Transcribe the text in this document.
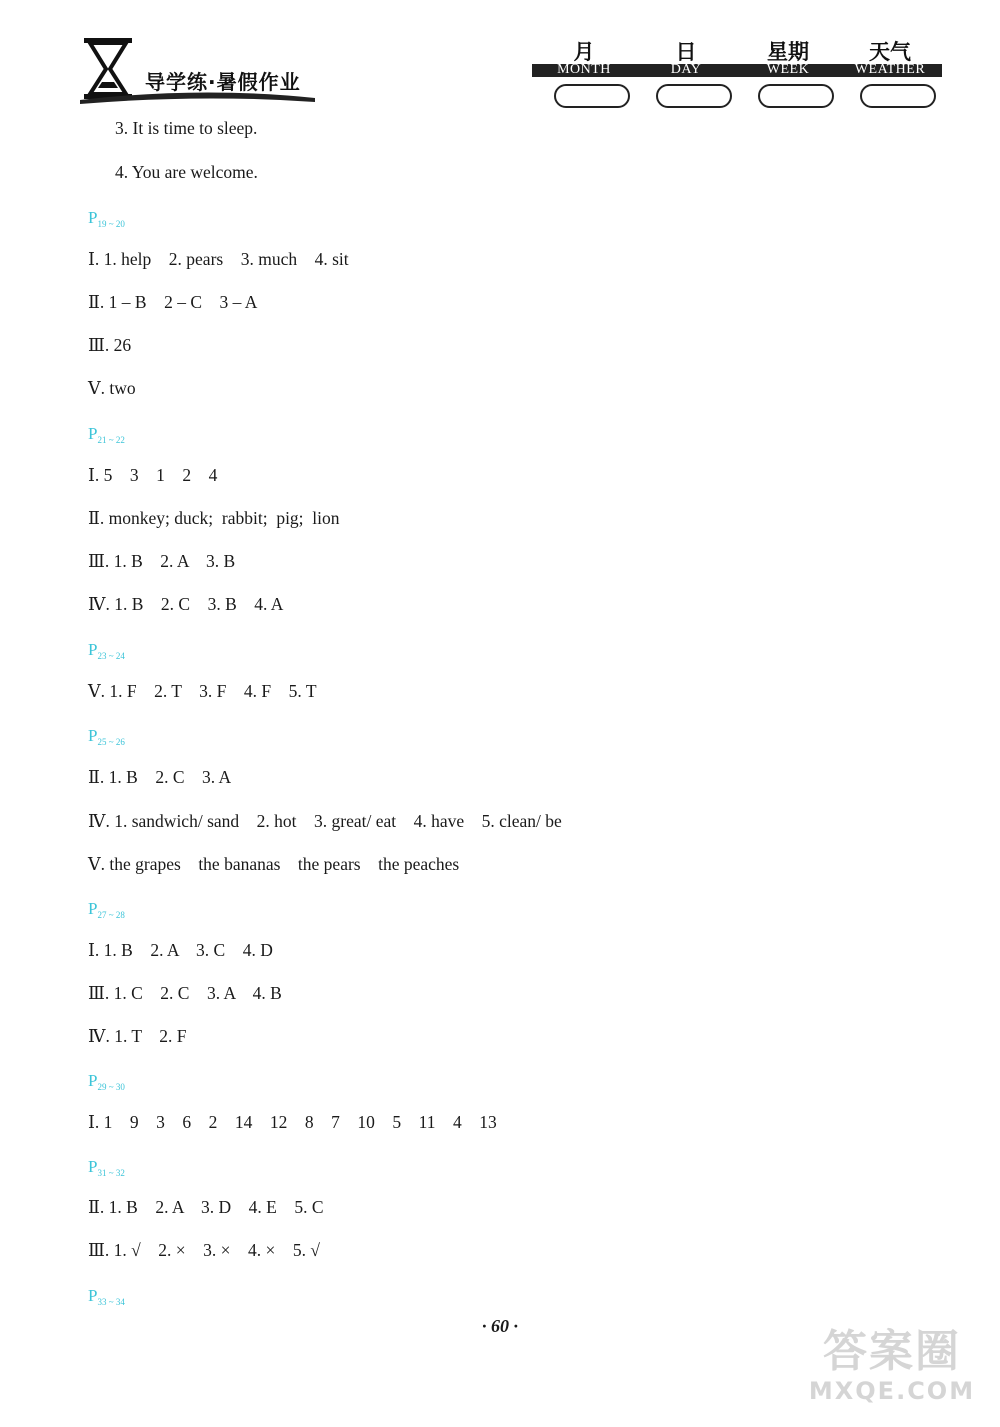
导学练·暑假作业
月
MONTH
日
DAY
星期
WEEK
天气
WEATHER
3. It is time to sleep.
4. You are welcome.
$P_{19 \sim 20}$
Ⅰ. 1. help    2. pears    3. much    4. sit
Ⅱ. 1 – B    2 – C    3 – A
Ⅲ. 26
Ⅴ. two
$P_{21 \sim 22}$
Ⅰ. 5    3    1    2    4
Ⅱ. monkey; duck;  rabbit;  pig;  lion
Ⅲ. 1. B    2. A    3. B
Ⅳ. 1. B    2. C    3. B    4. A
$P_{23 \sim 24}$
Ⅴ. 1. F    2. T    3. F    4. F    5. T
$P_{25 \sim 26}$
Ⅱ. 1. B    2. C    3. A
Ⅳ. 1. sandwich/ sand    2. hot    3. great/ eat    4. have    5. clean/ be
Ⅴ. the grapes    the bananas    the pears    the peaches
$P_{27 \sim 28}$
Ⅰ. 1. B    2. A    3. C    4. D
Ⅲ. 1. C    2. C    3. A    4. B
Ⅳ. 1. T    2. F
$P_{29 \sim 30}$
Ⅰ. 1    9    3    6    2    14    12    8    7    10    5    11    4    13
$P_{31 \sim 32}$
Ⅱ. 1. B    2. A    3. D    4. E    5. C
Ⅲ. 1. √    2. ×    3. ×    4. ×    5. √
$P_{33 \sim 34}$
· 60 ·	答案圈
MXQE.COM
